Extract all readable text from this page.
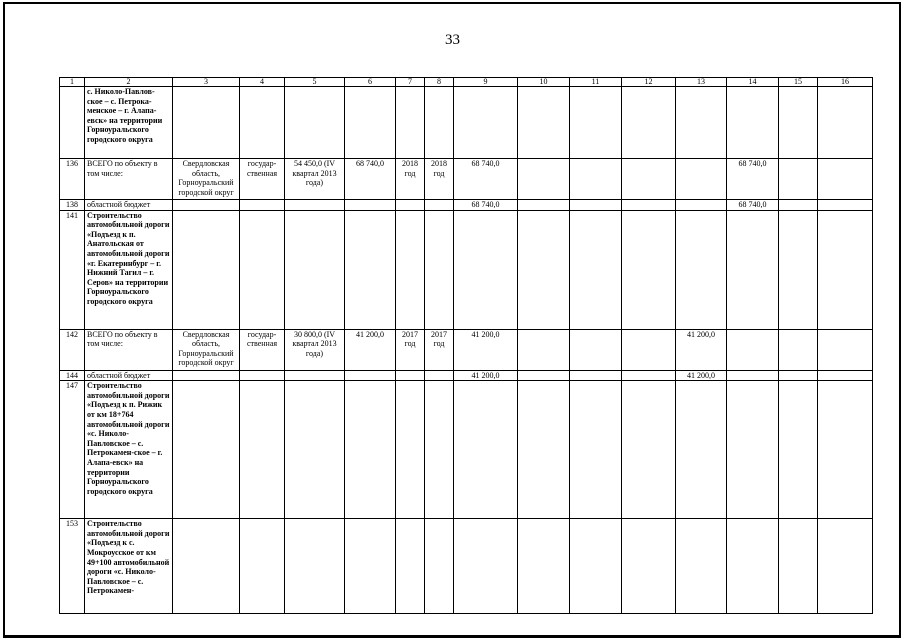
33
1	2	3	4	5	6	7	8	9	10	11	12	13	14	15	16
	с. Николо-Павлов-ское – с. Петрока-менское – г. Алапа-евск» на территории Горноуральского городского округа														
136	ВСЕГО по объекту в том числе:	Свердловская область, Горноуральский городской округ	государ-ственная	54 450,0 (IV квартал 2013 года)	68 740,0	2018 год	2018 год	68 740,0					68 740,0		
138	областной бюджет							68 740,0					68 740,0		
141	Строительство автомобильной дороги «Подъезд к п. Анатольская от автомобильной дороги «г. Екатеринбург – г. Нижний Тагил – г. Серов» на территории Горноуральского городского округа														
142	ВСЕГО по объекту в том числе:	Свердловская область, Горноуральский городской округ	государ-ственная	30 800,0 (IV квартал 2013 года)	41 200,0	2017 год	2017 год	41 200,0				41 200,0			
144	областной бюджет							41 200,0				41 200,0			
147	Строительство автомобильной дороги «Подъезд к п. Рижик от км 18+764 автомобильной дороги «с. Николо-Павловское – с. Петрокамен-ское – г. Алапа-евск» на территории Горноуральского городского округа														
153	Строительство автомобильной дороги «Подъезд к с. Мокроусское от км 49+100 автомобильной дороги «с. Николо-Павловское – с. Петрокамен-														
